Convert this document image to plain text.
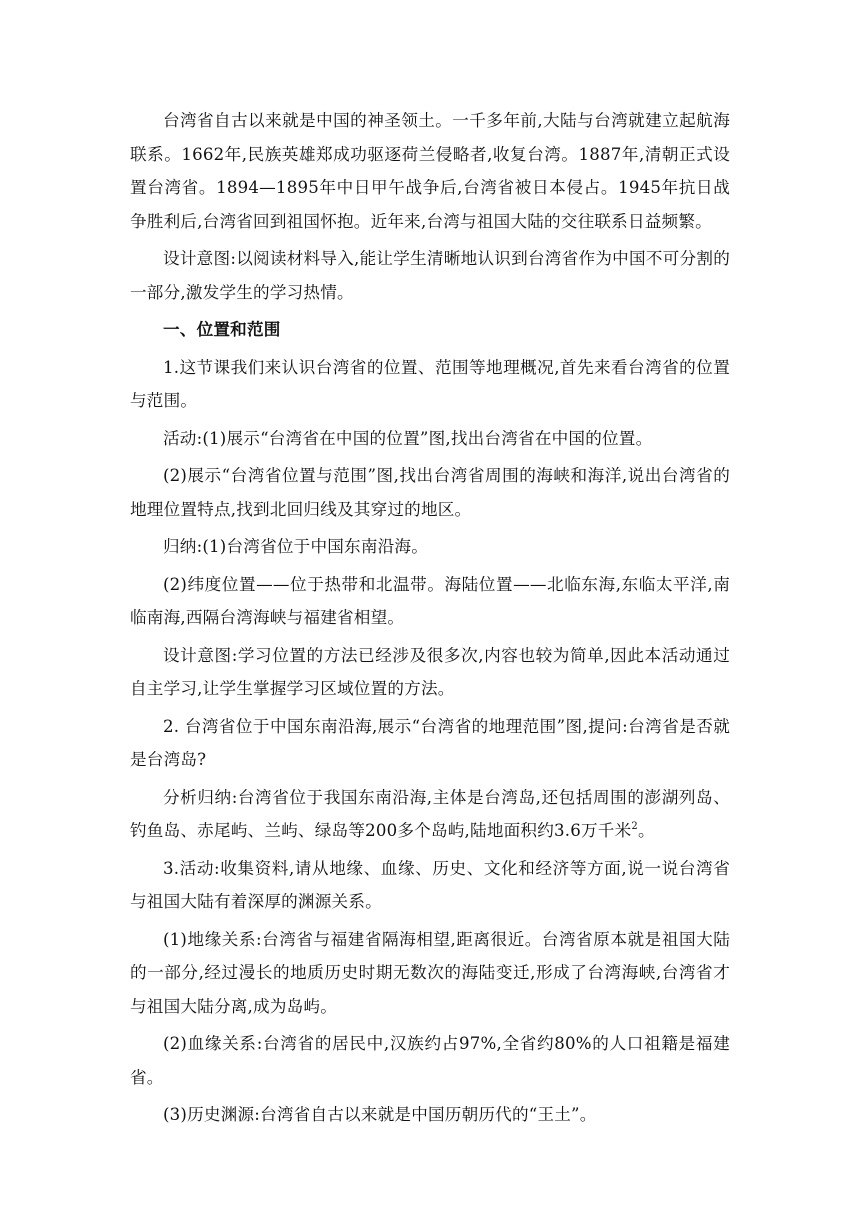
台湾省自古以来就是中国的神圣领土。一千多年前,大陆与台湾就建立起航海联系。1662年,民族英雄郑成功驱逐荷兰侵略者,收复台湾。1887年,清朝正式设置台湾省。1894—1895年中日甲午战争后,台湾省被日本侵占。1945年抗日战争胜利后,台湾省回到祖国怀抱。近年来,台湾与祖国大陆的交往联系日益频繁。

设计意图:以阅读材料导入,能让学生清晰地认识到台湾省作为中国不可分割的一部分,激发学生的学习热情。

一、位置和范围

1.这节课我们来认识台湾省的位置、范围等地理概况,首先来看台湾省的位置与范围。

活动:(1)展示“台湾省在中国的位置”图,找出台湾省在中国的位置。

(2)展示“台湾省位置与范围”图,找出台湾省周围的海峡和海洋,说出台湾省的地理位置特点,找到北回归线及其穿过的地区。

归纳:(1)台湾省位于中国东南沿海。

(2)纬度位置——位于热带和北温带。海陆位置——北临东海,东临太平洋,南临南海,西隔台湾海峡与福建省相望。

设计意图:学习位置的方法已经涉及很多次,内容也较为简单,因此本活动通过自主学习,让学生掌握学习区域位置的方法。

2. 台湾省位于中国东南沿海,展示“台湾省的地理范围”图,提问:台湾省是否就是台湾岛?

分析归纳:台湾省位于我国东南沿海,主体是台湾岛,还包括周围的澎湖列岛、钓鱼岛、赤尾屿、兰屿、绿岛等200多个岛屿,陆地面积约3.6万千米$^2$。

3.活动:收集资料,请从地缘、血缘、历史、文化和经济等方面,说一说台湾省与祖国大陆有着深厚的渊源关系。

(1)地缘关系:台湾省与福建省隔海相望,距离很近。台湾省原本就是祖国大陆的一部分,经过漫长的地质历史时期无数次的海陆变迁,形成了台湾海峡,台湾省才与祖国大陆分离,成为岛屿。

(2)血缘关系:台湾省的居民中,汉族约占97%,全省约80%的人口祖籍是福建省。

(3)历史渊源:台湾省自古以来就是中国历朝历代的“王土”。
